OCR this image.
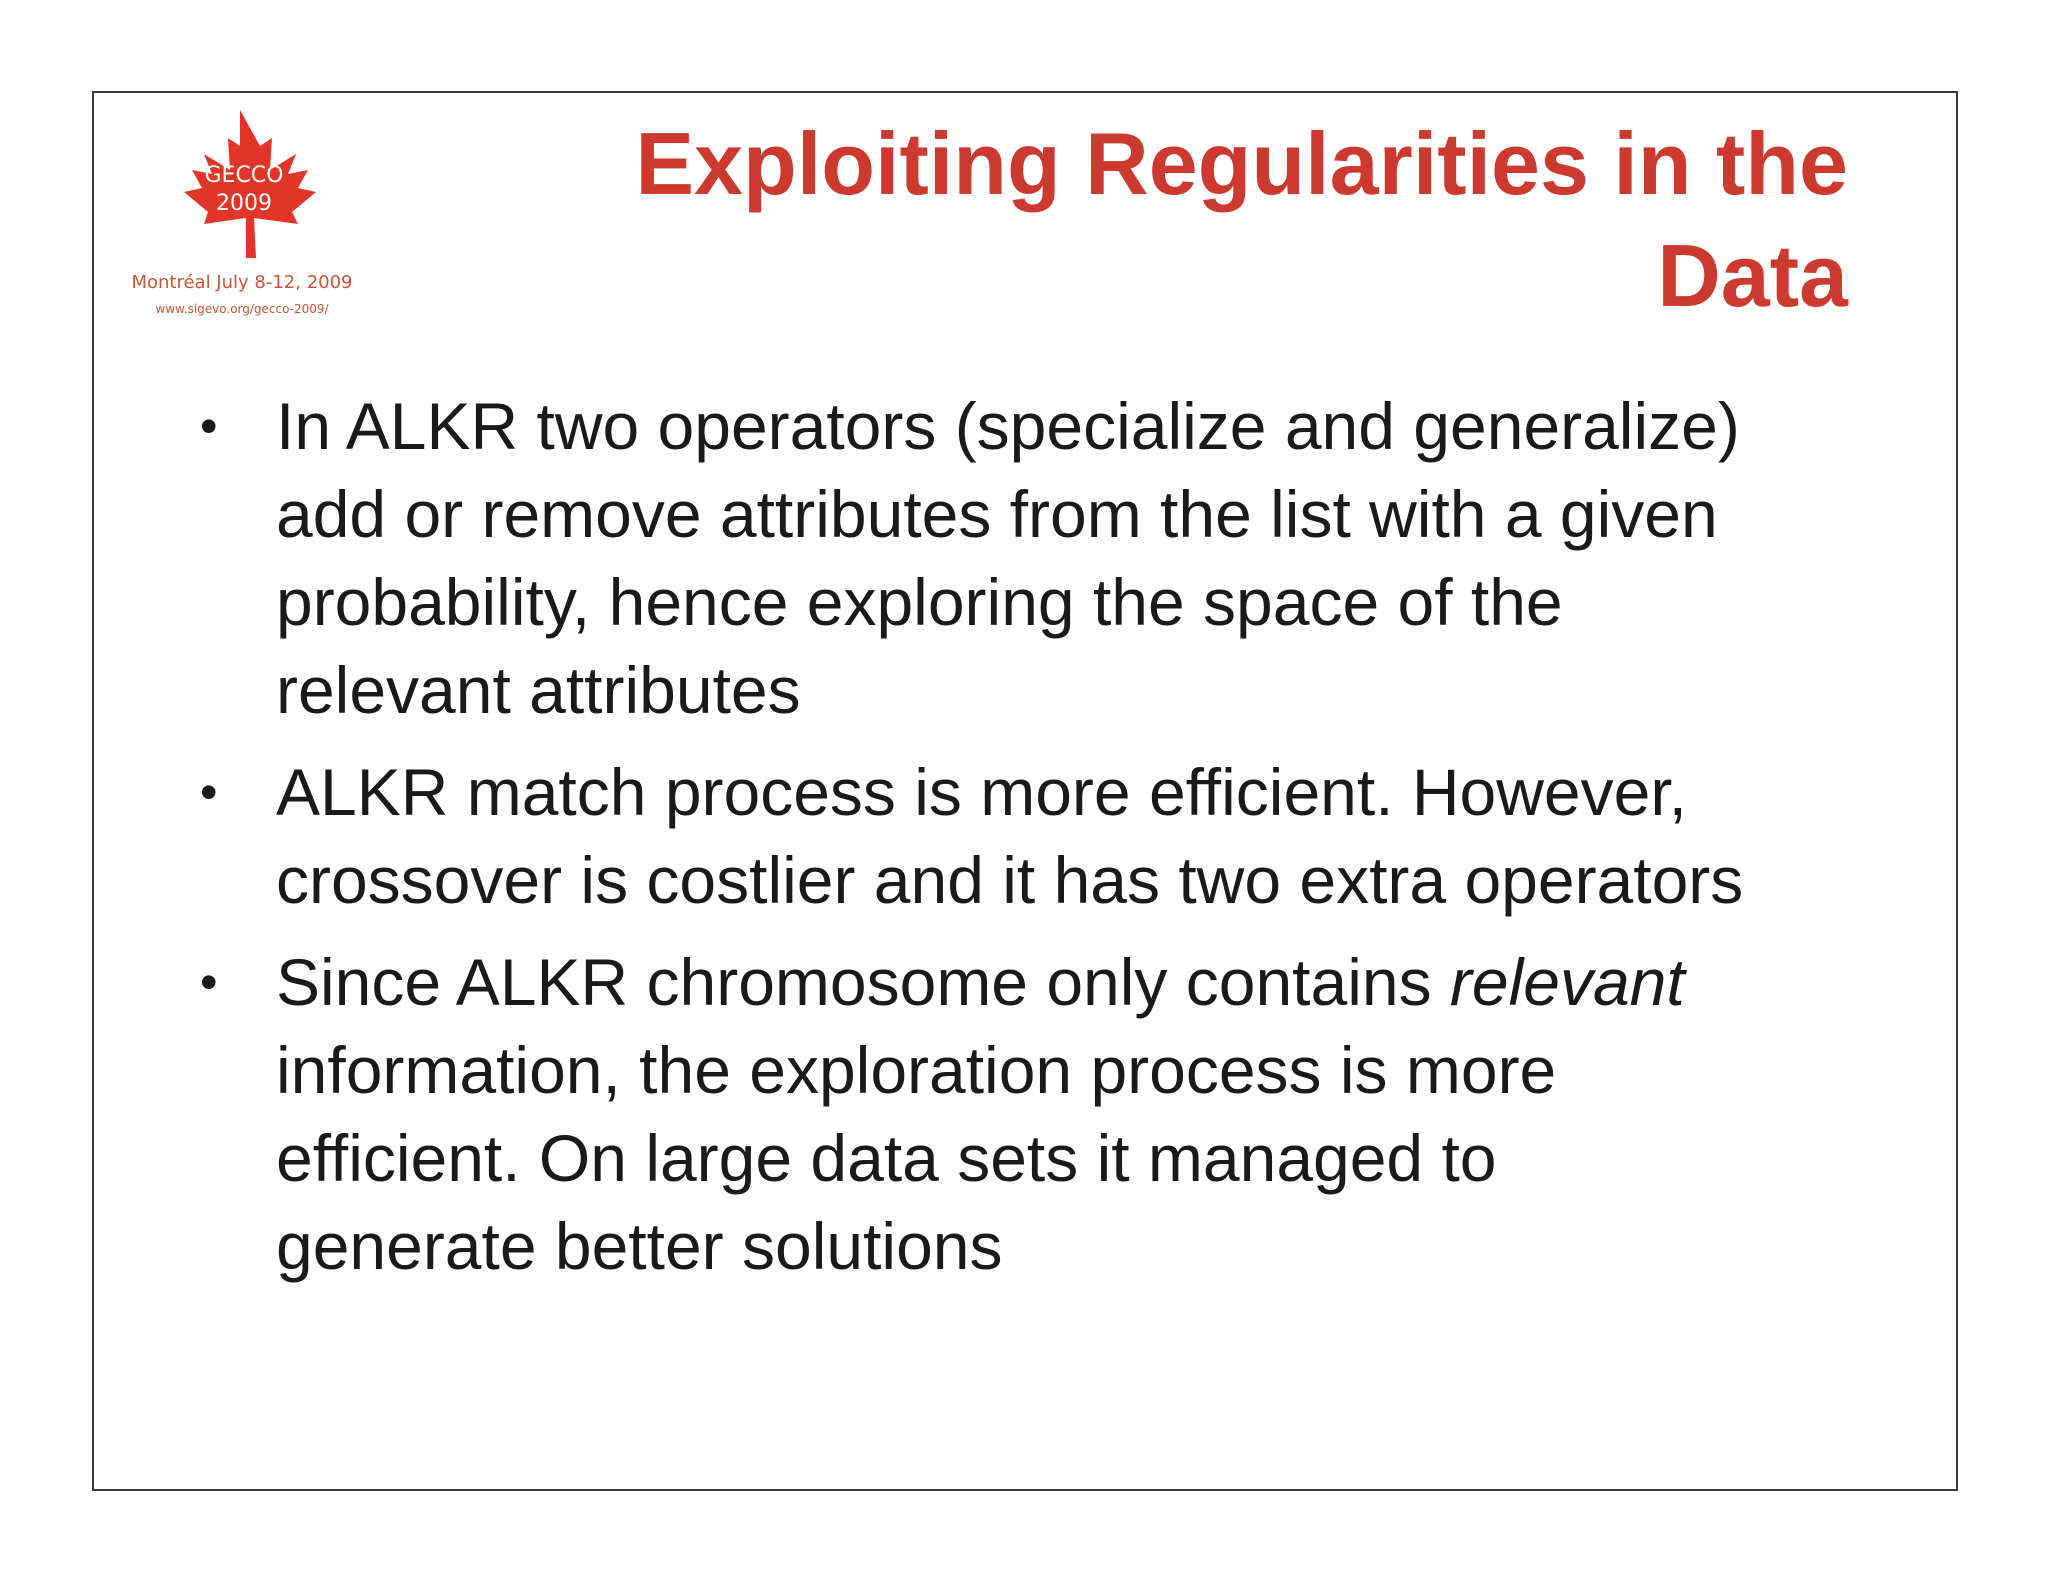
GECCO
2009
Montréal July 8-12, 2009
www.sigevo.org/gecco-2009/
Exploiting Regularities in the
Data
• In ALKR two operators (specialize and generalize)
add or remove attributes from the list with a given
probability, hence exploring the space of the
relevant attributes
• ALKR match process is more efficient. However,
crossover is costlier and it has two extra operators
• Since ALKR chromosome only contains relevant
information, the exploration process is more
efficient. On large data sets it managed to
generate better solutions
